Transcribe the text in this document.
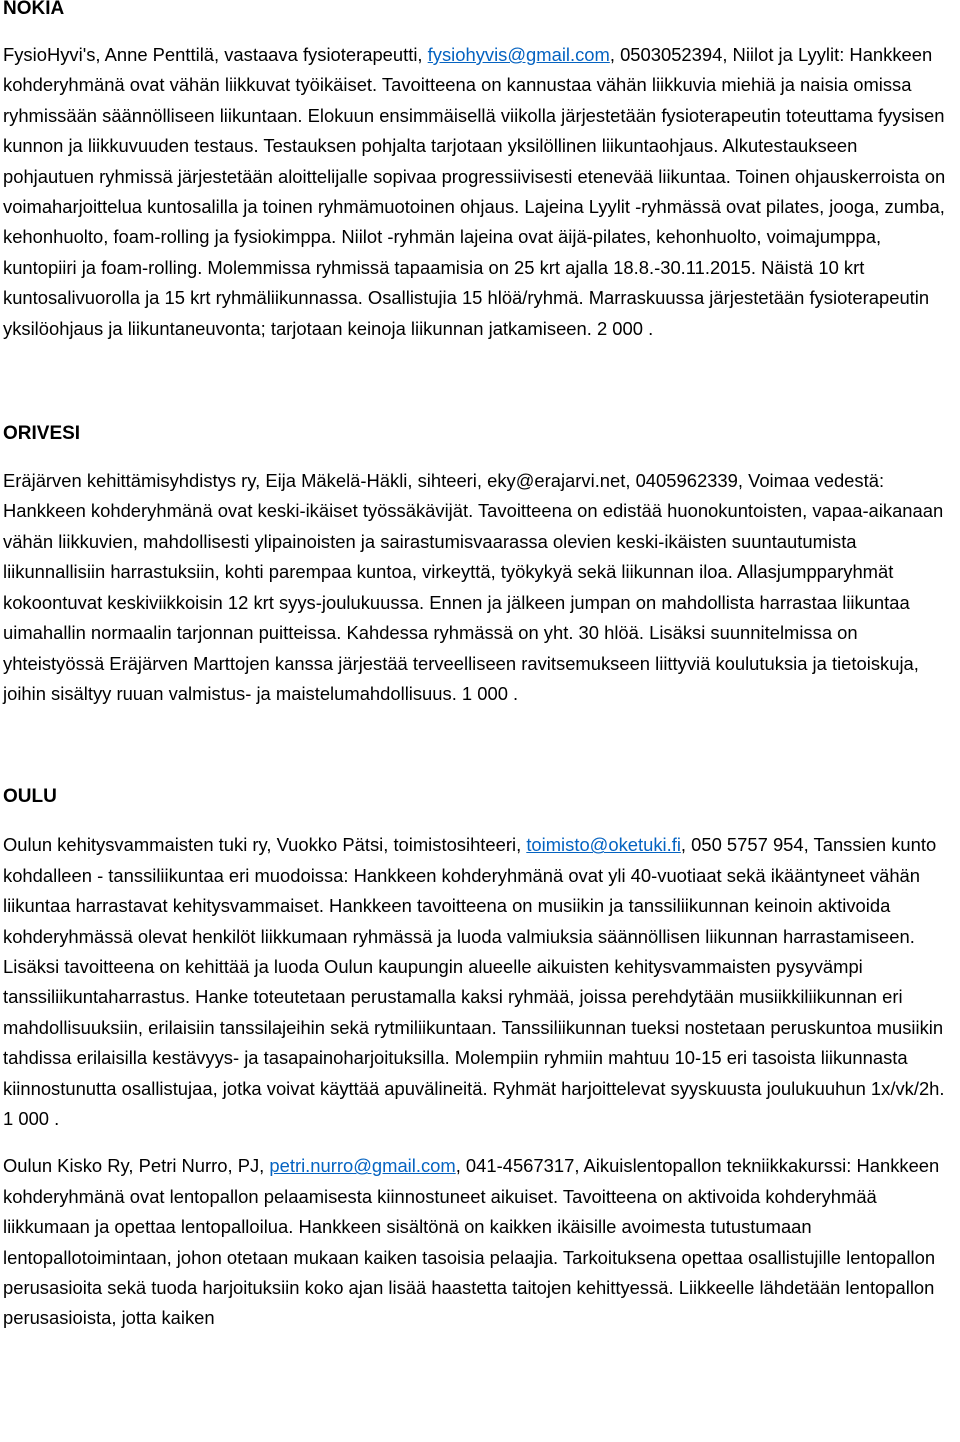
NOKIA

FysioHyvi's, Anne Penttilä, vastaava fysioterapeutti, fysiohyvis@gmail.com, 0503052394, Niilot ja Lyylit: Hankkeen kohderyhmänä ovat vähän liikkuvat työikäiset. Tavoitteena on kannustaa vähän liikkuvia miehiä ja naisia omissa ryhmissään säännölliseen liikuntaan. Elokuun ensimmäisellä viikolla järjestetään fysioterapeutin toteuttama fyysisen kunnon ja liikkuvuuden testaus. Testauksen pohjalta tarjotaan yksilöllinen liikuntaohjaus. Alkutestaukseen pohjautuen ryhmissä järjestetään aloittelijalle sopivaa progressiivisesti etenevää liikuntaa. Toinen ohjauskerroista on voimaharjoittelua kuntosalilla ja toinen ryhmämuotoinen ohjaus. Lajeina Lyylit -ryhmässä ovat pilates, jooga, zumba, kehonhuolto, foam-rolling ja fysiokimppa. Niilot -ryhmän lajeina ovat äijä-pilates, kehonhuolto, voimajumppa, kuntopiiri ja foam-rolling. Molemmissa ryhmissä tapaamisia on 25 krt ajalla 18.8.-30.11.2015. Näistä 10 krt kuntosalivuorolla ja 15 krt ryhmäliikunnassa. Osallistujia 15 hlöä/ryhmä. Marraskuussa järjestetään fysioterapeutin yksilöohjaus ja liikuntaneuvonta; tarjotaan keinoja liikunnan jatkamiseen. 2 000 .

ORIVESI

Eräjärven kehittämisyhdistys ry, Eija Mäkelä-Häkli, sihteeri, eky@erajarvi.net, 0405962339, Voimaa vedestä: Hankkeen kohderyhmänä ovat keski-ikäiset työssäkävijät. Tavoitteena on edistää huonokuntoisten, vapaa-aikanaan vähän liikkuvien, mahdollisesti ylipainoisten ja sairastumisvaarassa olevien keski-ikäisten suuntautumista liikunnallisiin harrastuksiin, kohti parempaa kuntoa, virkeyttä, työkykyä sekä liikunnan iloa. Allasjumpparyhmät kokoontuvat keskiviikkoisin 12 krt syys-joulukuussa. Ennen ja jälkeen jumpan on mahdollista harrastaa liikuntaa uimahallin normaalin tarjonnan puitteissa. Kahdessa ryhmässä on yht. 30 hlöä. Lisäksi suunnitelmissa on yhteistyössä Eräjärven Marttojen kanssa järjestää terveelliseen ravitsemukseen liittyviä koulutuksia ja tietoiskuja, joihin sisältyy ruuan valmistus- ja maistelumahdollisuus. 1 000 .

OULU

Oulun kehitysvammaisten tuki ry, Vuokko Pätsi, toimistosihteeri, toimisto@oketuki.fi, 050 5757 954, Tanssien kunto kohdalleen - tanssiliikuntaa eri muodoissa: Hankkeen kohderyhmänä ovat yli 40-vuotiaat sekä ikääntyneet vähän liikuntaa harrastavat kehitysvammaiset. Hankkeen tavoitteena on musiikin ja tanssiliikunnan keinoin aktivoida kohderyhmässä olevat henkilöt liikkumaan ryhmässä ja luoda valmiuksia säännöllisen liikunnan harrastamiseen. Lisäksi tavoitteena on kehittää ja luoda Oulun kaupungin alueelle aikuisten kehitysvammaisten pysyvämpi tanssiliikuntaharrastus. Hanke toteutetaan perustamalla kaksi ryhmää, joissa perehdytään musiikkiliikunnan eri mahdollisuuksiin, erilaisiin tanssilajeihin sekä rytmiliikuntaan. Tanssiliikunnan tueksi nostetaan peruskuntoa musiikin tahdissa erilaisilla kestävyys- ja tasapainoharjoituksilla. Molempiin ryhmiin mahtuu 10-15 eri tasoista liikunnasta kiinnostunutta osallistujaa, jotka voivat käyttää apuvälineitä. Ryhmät harjoittelevat syyskuusta joulukuuhun 1x/vk/2h. 1 000 .

Oulun Kisko Ry, Petri Nurro, PJ, petri.nurro@gmail.com, 041-4567317, Aikuislentopallon tekniikkakurssi: Hankkeen kohderyhmänä ovat lentopallon pelaamisesta kiinnostuneet aikuiset. Tavoitteena on aktivoida kohderyhmää liikkumaan ja opettaa lentopalloilua. Hankkeen sisältönä on kaikken ikäisille avoimesta tutustumaan lentopallotoimintaan, johon otetaan mukaan kaiken tasoisia pelaajia. Tarkoituksena opettaa osallistujille lentopallon perusasioita sekä tuoda harjoituksiin koko ajan lisää haastetta taitojen kehittyessä. Liikkeelle lähdetään lentopallon perusasioista, jotta kaiken
